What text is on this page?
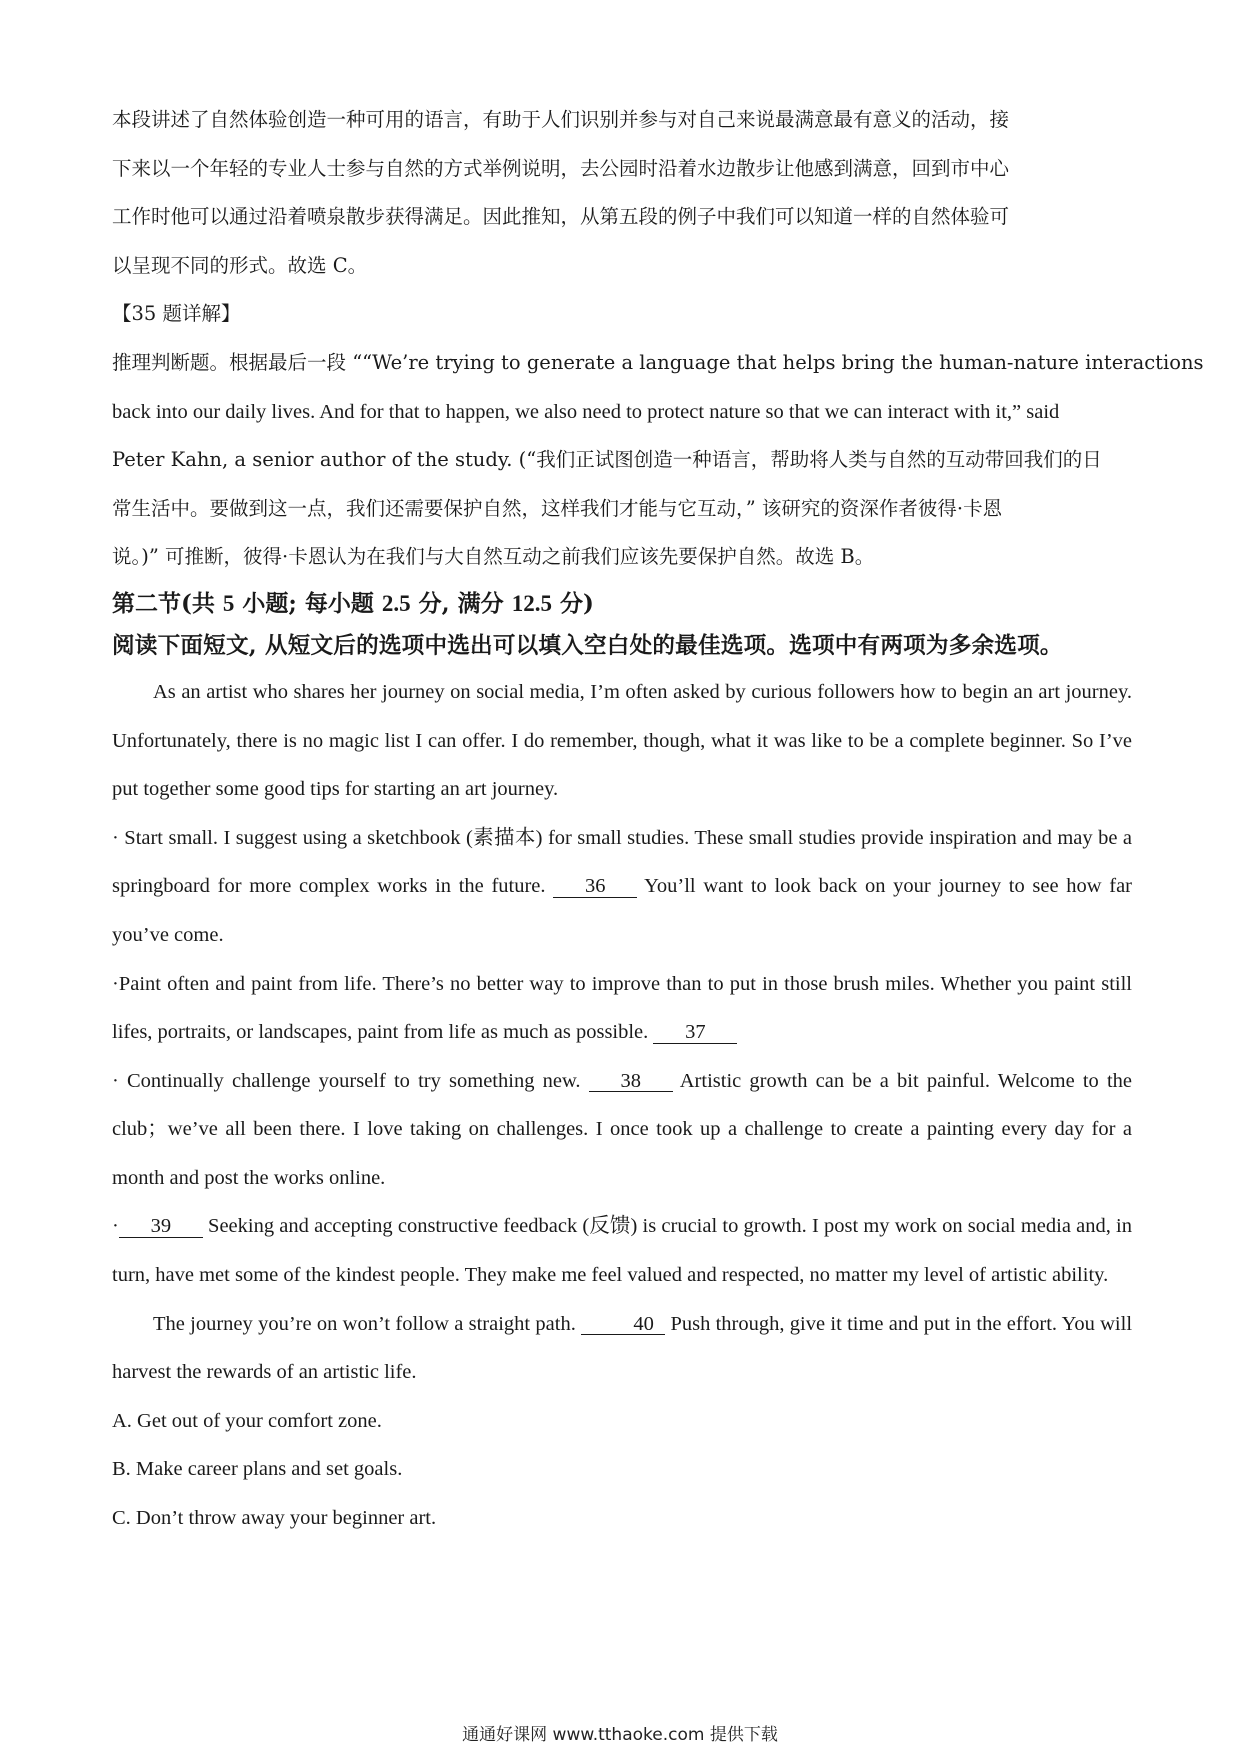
本段讲述了自然体验创造一种可用的语言，有助于人们识别并参与对自己来说最满意最有意义的活动，接

下来以一个年轻的专业人士参与自然的方式举例说明，去公园时沿着水边散步让他感到满意，回到市中心

工作时他可以通过沿着喷泉散步获得满足。因此推知，从第五段的例子中我们可以知道一样的自然体验可

以呈现不同的形式。故选 C。

【35 题详解】

推理判断题。根据最后一段 ““We’re trying to generate a language that helps bring the human-nature interactions

back into our daily lives. And for that to happen, we also need to protect nature so that we can interact with it,” said

Peter Kahn, a senior author of the study. (“我们正试图创造一种语言，帮助将人类与自然的互动带回我们的日

常生活中。要做到这一点，我们还需要保护自然，这样我们才能与它互动，” 该研究的资深作者彼得·卡恩

说。)” 可推断，彼得·卡恩认为在我们与大自然互动之前我们应该先要保护自然。故选 B。

第二节(共 5 小题; 每小题 2.5 分, 满分 12.5 分)

阅读下面短文, 从短文后的选项中选出可以填入空白处的最佳选项。选项中有两项为多余选项。

As an artist who shares her journey on social media, I’m often asked by curious followers how to begin an art journey. Unfortunately, there is no magic list I can offer. I do remember, though, what it was like to be a complete beginner. So I’ve put together some good tips for starting an art journey.

· Start small. I suggest using a sketchbook (素描本) for small studies. These small studies provide inspiration and may be a springboard for more complex works in the future. 36 You’ll want to look back on your journey to see how far you’ve come.

·Paint often and paint from life. There’s no better way to improve than to put in those brush miles. Whether you paint still lifes, portraits, or landscapes, paint from life as much as possible. 37

· Continually challenge yourself to try something new. 38 Artistic growth can be a bit painful. Welcome to the club；we’ve all been there. I love taking on challenges. I once took up a challenge to create a painting every day for a month and post the works online.

· 39 Seeking and accepting constructive feedback (反馈) is crucial to growth. I post my work on social media and, in turn, have met some of the kindest people. They make me feel valued and respected, no matter my level of artistic ability.

The journey you’re on won’t follow a straight path.	40 Push through, give it time and put in the effort. You will harvest the rewards of an artistic life.

A. Get out of your comfort zone.

B. Make career plans and set goals.

C. Don’t throw away your beginner art.

通通好课网 www.tthaoke.com 提供下载
